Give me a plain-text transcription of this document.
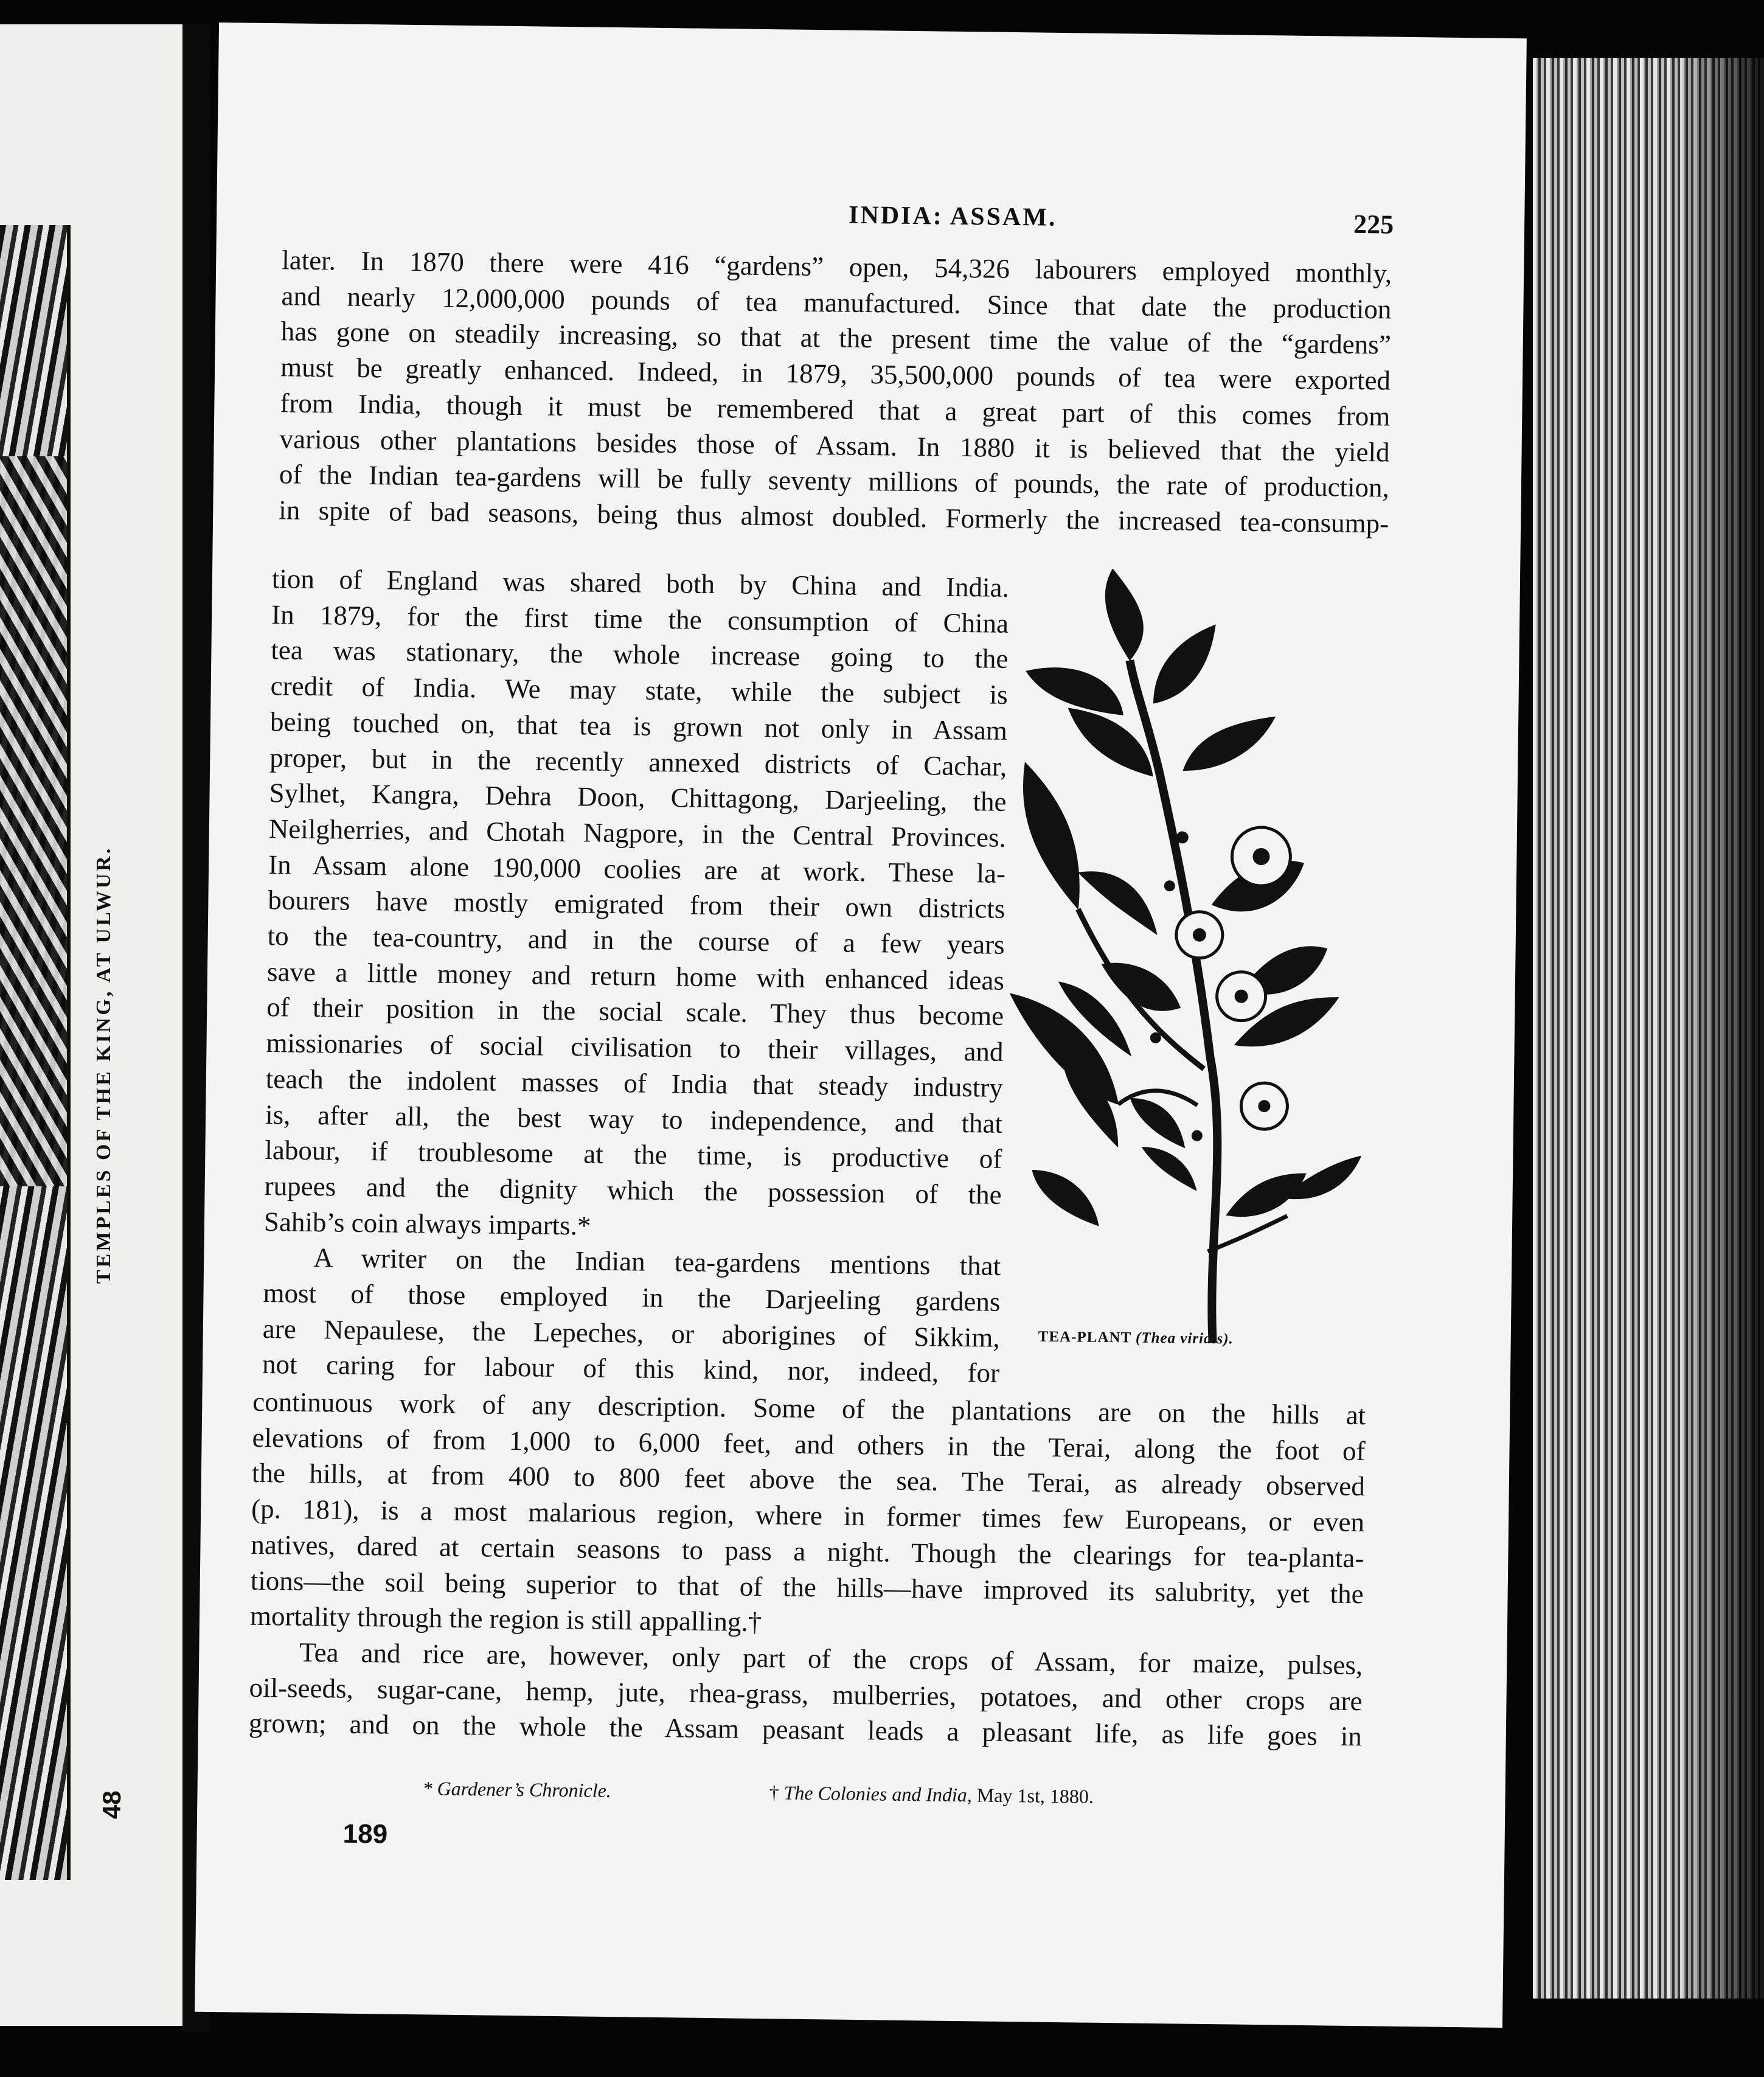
TEMPLES OF THE KING, AT ULWUR.
48
INDIA: ASSAM.	225

later. In 1870 there were 416 “gardens” open, 54,326 labourers employed monthly,

and nearly 12,000,000 pounds of tea manufactured. Since that date the production

has gone on steadily increasing, so that at the present time the value of the “gardens”

must be greatly enhanced. Indeed, in 1879, 35,500,000 pounds of tea were exported

from India, though it must be remembered that a great part of this comes from

various other plantations besides those of Assam. In 1880 it is believed that the yield

of the Indian tea-gardens will be fully seventy millions of pounds, the rate of production,

in spite of bad seasons, being thus almost doubled. Formerly the increased tea-consump-

tion of England was shared both by China and India.

In 1879, for the first time the consumption of China

tea was stationary, the whole increase going to the

credit of India. We may state, while the subject is

being touched on, that tea is grown not only in Assam

proper, but in the recently annexed districts of Cachar,

Sylhet, Kangra, Dehra Doon, Chittagong, Darjeeling, the

Neilgherries, and Chotah Nagpore, in the Central Provinces.

In Assam alone 190,000 coolies are at work. These la-

bourers have mostly emigrated from their own districts

to the tea-country, and in the course of a few years

save a little money and return home with enhanced ideas

of their position in the social scale. They thus become

missionaries of social civilisation to their villages, and

teach the indolent masses of India that steady industry

is, after all, the best way to independence, and that

labour, if troublesome at the time, is productive of

rupees and the dignity which the possession of the

Sahib’s coin always imparts.*

A writer on the Indian tea-gardens mentions that

most of those employed in the Darjeeling gardens

are Nepaulese, the Lepeches, or aborigines of Sikkim,

not caring for labour of this kind, nor, indeed, for

TEA-PLANT (Thea viridis).

continuous work of any description. Some of the plantations are on the hills at

elevations of from 1,000 to 6,000 feet, and others in the Terai, along the foot of

the hills, at from 400 to 800 feet above the sea. The Terai, as already observed

(p. 181), is a most malarious region, where in former times few Europeans, or even

natives, dared at certain seasons to pass a night. Though the clearings for tea-planta-

tions—the soil being superior to that of the hills—have improved its salubrity, yet the

mortality through the region is still appalling.†

Tea and rice are, however, only part of the crops of Assam, for maize, pulses,

oil-seeds, sugar-cane, hemp, jute, rhea-grass, mulberries, potatoes, and other crops are

grown; and on the whole the Assam peasant leads a pleasant life, as life goes in

* Gardener’s Chronicle.	† The Colonies and India, May 1st, 1880.
189
